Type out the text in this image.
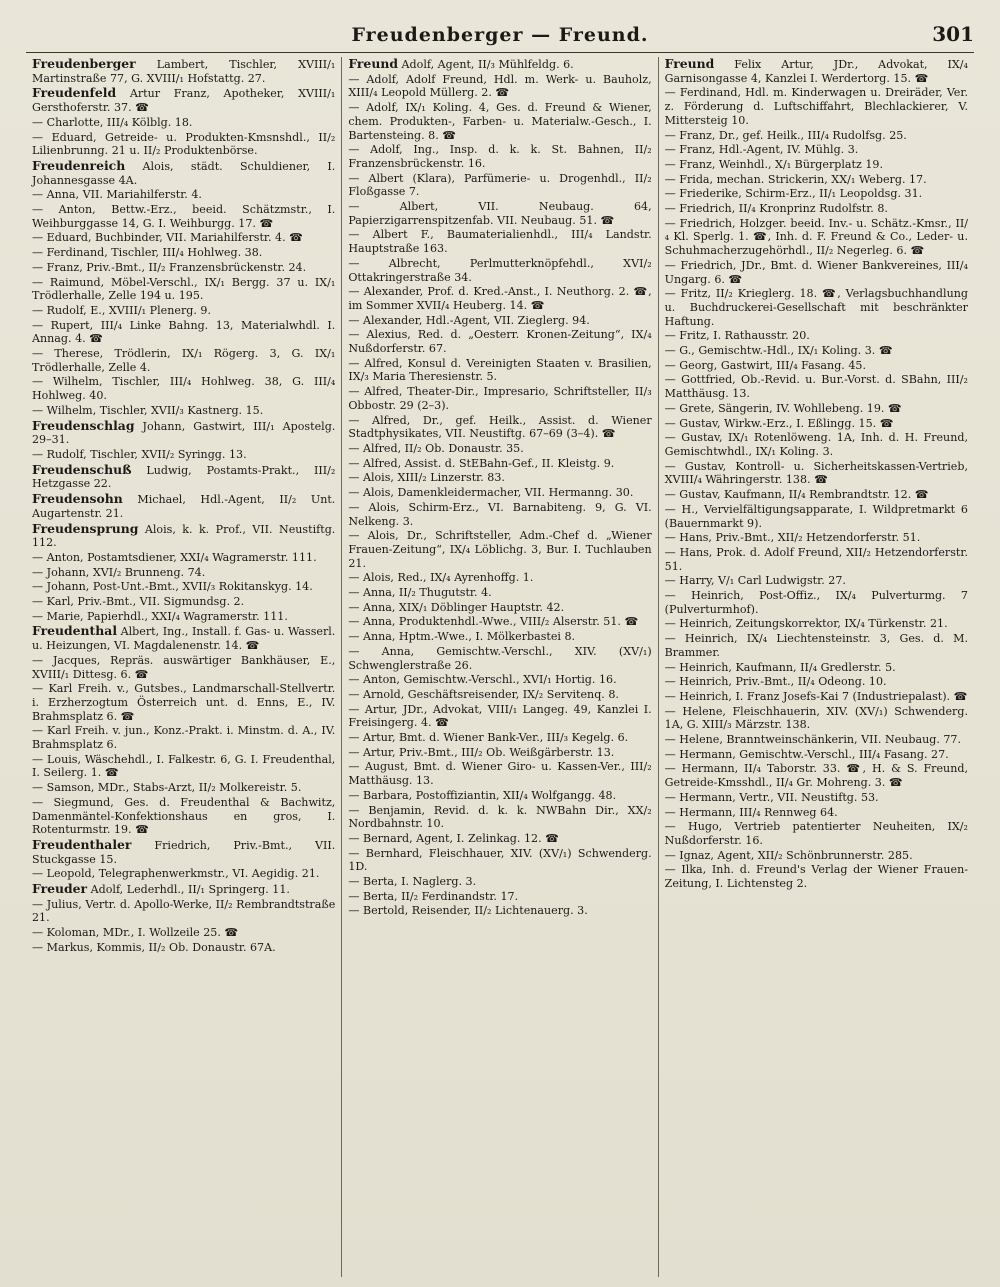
Freudenberger — Freund.	301
Freudenberger Lambert, Tischler, XVIII/₁ Martinstraße 77, G. XVIII/₁ Hofstattg. 27.
Freudenfeld Artur Franz, Apotheker, XVIII/₁ Gersthoferstr. 37. ☎
— Charlotte, III/₄ Kölblg. 18.
— Eduard, Getreide- u. Produkten-Kmsnshdl., II/₂ Lilienbrunng. 21 u. II/₂ Produktenbörse.
Freudenreich Alois, städt. Schuldiener, I. Johannesgasse 4A.
— Anna, VII. Mariahilferstr. 4.
— Anton, Bettw.-Erz., beeid. Schätzmstr., I. Weihburggasse 14, G. I. Weihburgg. 17. ☎
— Eduard, Buchbinder, VII. Mariahilferstr. 4. ☎
— Ferdinand, Tischler, III/₄ Hohlweg. 38.
— Franz, Priv.-Bmt., II/₂ Franzensbrückenstr. 24.
— Raimund, Möbel-Verschl., IX/₁ Bergg. 37 u. IX/₁ Trödlerhalle, Zelle 194 u. 195.
— Rudolf, E., XVIII/₁ Plenerg. 9.
— Rupert, III/₄ Linke Bahng. 13, Materialwhdl. I. Annag. 4. ☎
— Therese, Trödlerin, IX/₁ Rögerg. 3, G. IX/₁ Trödlerhalle, Zelle 4.
— Wilhelm, Tischler, III/₄ Hohlweg. 38, G. III/₄ Hohlweg. 40.
— Wilhelm, Tischler, XVII/₃ Kastnerg. 15.
Freudenschlag Johann, Gastwirt, III/₁ Apostelg. 29–31.
— Rudolf, Tischler, XVII/₂ Syringg. 13.
Freudenschuß Ludwig, Postamts-Prakt., III/₂ Hetzgasse 22.
Freudensohn Michael, Hdl.-Agent, II/₂ Unt. Augartenstr. 21.
Freudensprung Alois, k. k. Prof., VII. Neustiftg. 112.
— Anton, Postamtsdiener, XXI/₄ Wagramerstr. 111.
— Johann, XVI/₂ Brunneng. 74.
— Johann, Post-Unt.-Bmt., XVII/₃ Rokitanskyg. 14.
— Karl, Priv.-Bmt., VII. Sigmundsg. 2.
— Marie, Papierhdl., XXI/₄ Wagramerstr. 111.
Freudenthal Albert, Ing., Install. f. Gas- u. Wasserl. u. Heizungen, VI. Magdalenenstr. 14. ☎
— Jacques, Repräs. auswärtiger Bankhäuser, E., XVIII/₁ Dittesg. 6. ☎
— Karl Freih. v., Gutsbes., Landmarschall-Stellvertr. i. Erzherzogtum Österreich unt. d. Enns, E., IV. Brahmsplatz 6. ☎
— Karl Freih. v. jun., Konz.-Prakt. i. Minstm. d. A., IV. Brahmsplatz 6.
— Louis, Wäschehdl., I. Falkestr. 6, G. I. Freudenthal, I. Seilerg. 1. ☎
— Samson, MDr., Stabs-Arzt, II/₂ Molkereistr. 5.
— Siegmund, Ges. d. Freudenthal & Bachwitz, Damenmäntel-Konfektionshaus en gros, I. Rotenturmstr. 19. ☎
Freudenthaler Friedrich, Priv.-Bmt., VII. Stuckgasse 15.
— Leopold, Telegraphenwerkmstr., VI. Aegidig. 21.
Freuder Adolf, Lederhdl., II/₁ Springerg. 11.
— Julius, Vertr. d. Apollo-Werke, II/₂ Rembrandtstraße 21.
— Koloman, MDr., I. Wollzeile 25. ☎
— Markus, Kommis, II/₂ Ob. Donaustr. 67A.
Freund Adolf, Agent, II/₃ Mühlfeldg. 6.
— Adolf, Adolf Freund, Hdl. m. Werk- u. Bauholz, XIII/₄ Leopold Müllerg. 2. ☎
— Adolf, IX/₁ Koling. 4, Ges. d. Freund & Wiener, chem. Produkten-, Farben- u. Materialw.-Gesch., I. Bartensteing. 8. ☎
— Adolf, Ing., Insp. d. k. k. St. Bahnen, II/₂ Franzensbrückenstr. 16.
— Albert (Klara), Parfümerie- u. Drogenhdl., II/₂ Floßgasse 7.
— Albert, VII. Neubaug. 64, Papierzigarrenspitzenfab. VII. Neubaug. 51. ☎
— Albert F., Baumaterialienhdl., III/₄ Landstr. Hauptstraße 163.
— Albrecht, Perlmutterknöpfehdl., XVI/₂ Ottakringerstraße 34.
— Alexander, Prof. d. Kred.-Anst., I. Neuthorg. 2. ☎, im Sommer XVII/₄ Heuberg. 14. ☎
— Alexander, Hdl.-Agent, VII. Zieglerg. 94.
— Alexius, Red. d. „Oesterr. Kronen-Zeitung“, IX/₄ Nußdorferstr. 67.
— Alfred, Konsul d. Vereinigten Staaten v. Brasilien, IX/₃ Maria Theresienstr. 5.
— Alfred, Theater-Dir., Impresario, Schriftsteller, II/₃ Obbostr. 29 (2–3).
— Alfred, Dr., gef. Heilk., Assist. d. Wiener Stadtphysikates, VII. Neustiftg. 67–69 (3–4). ☎
— Alfred, II/₂ Ob. Donaustr. 35.
— Alfred, Assist. d. StEBahn-Gef., II. Kleistg. 9.
— Alois, XIII/₂ Linzerstr. 83.
— Alois, Damenkleidermacher, VII. Hermanng. 30.
— Alois, Schirm-Erz., VI. Barnabiteng. 9, G. VI. Nelkeng. 3.
— Alois, Dr., Schriftsteller, Adm.-Chef d. „Wiener Frauen-Zeitung“, IX/₄ Löblichg. 3, Bur. I. Tuchlauben 21.
— Alois, Red., IX/₄ Ayrenhoffg. 1.
— Anna, II/₂ Thugutstr. 4.
— Anna, XIX/₁ Döblinger Hauptstr. 42.
— Anna, Produktenhdl.-Wwe., VIII/₂ Alserstr. 51. ☎
— Anna, Hptm.-Wwe., I. Mölkerbastei 8.
— Anna, Gemischtw.-Verschl., XIV. (XV/₁) Schwenglerstraße 26.
— Anton, Gemischtw.-Verschl., XVI/₁ Hortig. 16.
— Arnold, Geschäftsreisender, IX/₂ Servitenq. 8.
— Artur, JDr., Advokat, VIII/₁ Langeg. 49, Kanzlei I. Freisingerg. 4. ☎
— Artur, Bmt. d. Wiener Bank-Ver., III/₃ Kegelg. 6.
— Artur, Priv.-Bmt., III/₂ Ob. Weißgärberstr. 13.
— August, Bmt. d. Wiener Giro- u. Kassen-Ver., III/₂ Matthäusg. 13.
— Barbara, Postoffiziantin, XII/₄ Wolfgangg. 48.
— Benjamin, Revid. d. k. k. NWBahn Dir., XX/₂ Nordbahnstr. 10.
— Bernard, Agent, I. Zelinkag. 12. ☎
— Bernhard, Fleischhauer, XIV. (XV/₁) Schwenderg. 1D.
— Berta, I. Naglerg. 3.
— Berta, II/₂ Ferdinandstr. 17.
— Bertold, Reisender, II/₂ Lichtenauerg. 3.
Freund Felix Artur, JDr., Advokat, IX/₄ Garnisongasse 4, Kanzlei I. Werdertorg. 15. ☎
— Ferdinand, Hdl. m. Kinderwagen u. Dreiräder, Ver. z. Förderung d. Luftschiffahrt, Blechlackierer, V. Mittersteig 10.
— Franz, Dr., gef. Heilk., III/₄ Rudolfsg. 25.
— Franz, Hdl.-Agent, IV. Mühlg. 3.
— Franz, Weinhdl., X/₁ Bürgerplatz 19.
— Frida, mechan. Strickerin, XX/₁ Weberg. 17.
— Friederike, Schirm-Erz., II/₁ Leopoldsg. 31.
— Friedrich, II/₄ Kronprinz Rudolfstr. 8.
— Friedrich, Holzger. beeid. Inv.- u. Schätz.-Kmsr., II/₄ Kl. Sperlg. 1. ☎, Inh. d. F. Freund & Co., Leder- u. Schuhmacherzugehörhdl., II/₂ Negerleg. 6. ☎
— Friedrich, JDr., Bmt. d. Wiener Bankvereines, III/₄ Ungarg. 6. ☎
— Fritz, II/₂ Krieglerg. 18. ☎, Verlagsbuchhandlung u. Buchdruckerei-Gesellschaft mit beschränkter Haftung.
— Fritz, I. Rathausstr. 20.
— G., Gemischtw.-Hdl., IX/₁ Koling. 3. ☎
— Georg, Gastwirt, III/₄ Fasang. 45.
— Gottfried, Ob.-Revid. u. Bur.-Vorst. d. SBahn, III/₂ Matthäusg. 13.
— Grete, Sängerin, IV. Wohllebeng. 19. ☎
— Gustav, Wirkw.-Erz., I. Eßlingg. 15. ☎
— Gustav, IX/₁ Rotenlöweng. 1A, Inh. d. H. Freund, Gemischtwhdl., IX/₁ Koling. 3.
— Gustav, Kontroll- u. Sicherheitskassen-Vertrieb, XVIII/₄ Währingerstr. 138. ☎
— Gustav, Kaufmann, II/₄ Rembrandtstr. 12. ☎
— H., Vervielfältigungsapparate, I. Wildpretmarkt 6 (Bauernmarkt 9).
— Hans, Priv.-Bmt., XII/₂ Hetzendorferstr. 51.
— Hans, Prok. d. Adolf Freund, XII/₂ Hetzendorferstr. 51.
— Harry, V/₁ Carl Ludwigstr. 27.
— Heinrich, Post-Offiz., IX/₄ Pulverturmg. 7 (Pulverturmhof).
— Heinrich, Zeitungskorrektor, IX/₄ Türkenstr. 21.
— Heinrich, IX/₄ Liechtensteinstr. 3, Ges. d. M. Brammer.
— Heinrich, Kaufmann, II/₄ Gredlerstr. 5.
— Heinrich, Priv.-Bmt., II/₄ Odeong. 10.
— Heinrich, I. Franz Josefs-Kai 7 (Industriepalast). ☎
— Helene, Fleischhauerin, XIV. (XV/₁) Schwenderg. 1A, G. XIII/₃ Märzstr. 138.
— Helene, Branntweinschänkerin, VII. Neubaug. 77.
— Hermann, Gemischtw.-Verschl., III/₄ Fasang. 27.
— Hermann, II/₄ Taborstr. 33. ☎, H. & S. Freund, Getreide-Kmsshdl., II/₄ Gr. Mohreng. 3. ☎
— Hermann, Vertr., VII. Neustiftg. 53.
— Hermann, III/₄ Rennweg 64.
— Hugo, Vertrieb patentierter Neuheiten, IX/₂ Nußdorferstr. 16.
— Ignaz, Agent, XII/₂ Schönbrunnerstr. 285.
— Ilka, Inh. d. Freund's Verlag der Wiener Frauen-Zeitung, I. Lichtensteg 2.
